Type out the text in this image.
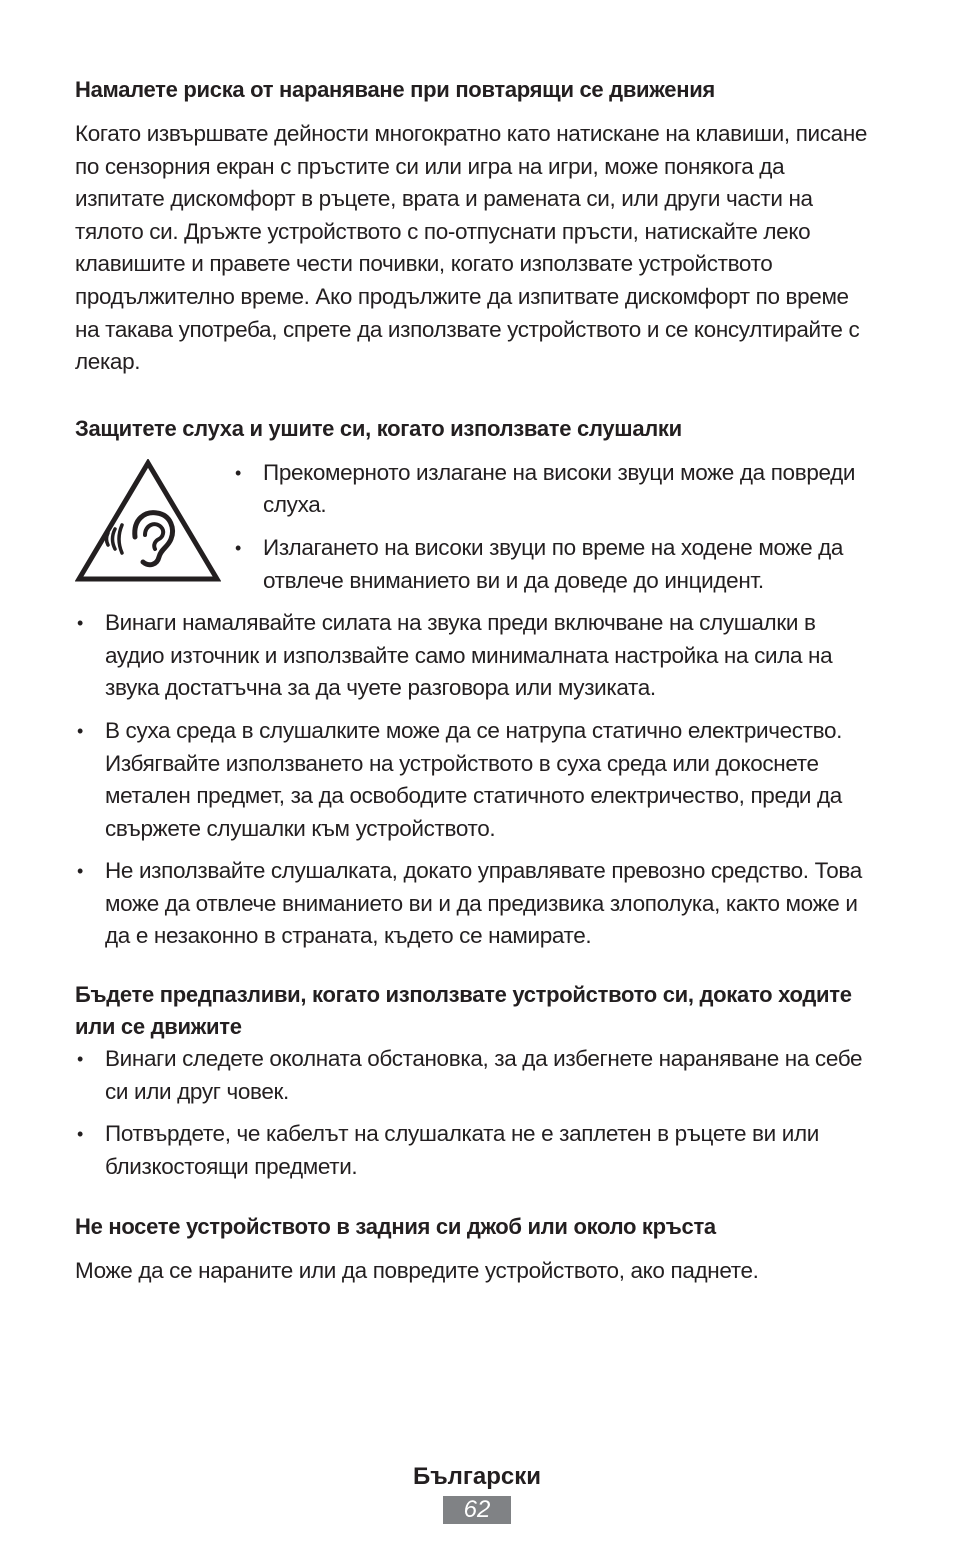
Намалете риска от нараняване при повтарящи се движения

Когато извършвате дейности многократно като натискане на клавиши, писане по сензорния екран с пръстите си или игра на игри, може понякога да изпитате дискомфорт в ръцете, врата и рамената си, или други части на тялото си. Дръжте устройството с по-отпуснати пръсти, натискайте леко клавишите и правете чести почивки, когато използвате устройството продължително време. Ако продължите да изпитвате дискомфорт по време на такава употреба, спрете да използвате устройството и се консултирайте с лекар.

Защитете слуха и ушите си, когато използвате слушалки
• Прекомерното излагане на високи звуци може да повреди слуха.
• Излагането на високи звуци по време на ходене може да отвлече вниманието ви и да доведе до инцидент.
• Винаги намалявайте силата на звука преди включване на слушалки в аудио източник и използвайте само минималната настройка на сила на звука достатъчна за да чуете разговора или музиката.
• В суха среда в слушалките може да се натрупа статично електричество. Избягвайте използването на устройството в суха среда или докоснете метален предмет, за да освободите статичното електричество, преди да свържете слушалки към устройството.
• Не използвайте слушалката, докато управлявате превозно средство. Това може да отвлече вниманието ви и да предизвика злополука, както може и да е незаконно в страната, където се намирате.
Бъдете предпазливи, когато използвате устройството си, докато ходите или се движите
• Винаги следете околната обстановка, за да избегнете нараняване на себе си или друг човек.
• Потвърдете, че кабелът на слушалката не е заплетен в ръцете ви или близкостоящи предмети.
Не носете устройството в задния си джоб или около кръста

Може да се нараните или да повредите устройството, ако паднете.

Български
62
